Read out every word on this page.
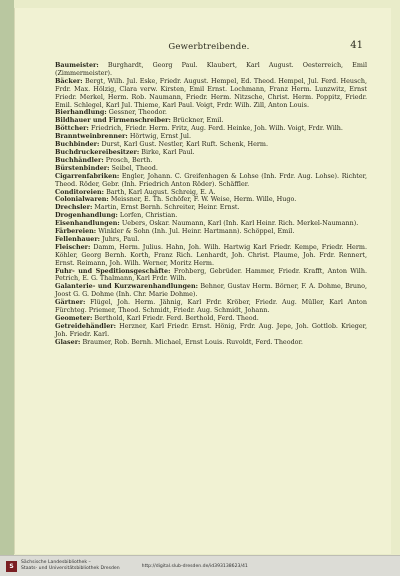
Gewerbtreibende.	41

Baumeister: Burghardt, Georg Paul. Klaubert, Karl August. Oesterreich, Emil (Zimmermeister).

Bäcker: Bergt, Wilh. Jul. Eske, Friedr. August. Hempel, Ed. Theod. Hempel, Jul. Ferd. Heusch, Frdr. Max. Hölzig, Clara verw. Kirsten, Emil Ernst. Lochmann, Franz Herm. Lunzwitz, Ernst Friedr. Merkel, Herm. Rob. Naumann, Friedr. Herm. Nitzsche, Christ. Herm. Poppitz, Friedr. Emil. Schlegel, Karl Jul. Thieme, Karl Paul. Voigt, Frdr. Wilh. Zill, Anton Louis.

Bierhandlung: Gessner, Theodor.

Bildhauer und Firmenschreiber: Brückner, Emil.

Böttcher: Friedrich, Friedr. Herm. Fritz, Aug. Ferd. Heinke, Joh. Wilh. Voigt, Frdr. Wilh.

Branntweinbrenner: Hörtwig, Ernst Jul.

Buchbinder: Durst, Karl Gust. Nestler, Karl Ruft. Schenk, Herm.

Buchdruckereibesitzer: Birke, Karl Paul.

Buchhändler: Prosch, Berth.

Bürstenbinder: Seibel, Theod.

Cigarrenfabriken: Engler, Johann. C. Greifenhagen & Lohse (Inh. Frdr. Aug. Lohse). Richter, Theod. Röder, Gebr. (Inh. Friedrich Anton Röder). Schäffler.

Conditoreien: Barth, Karl August. Schreig, E. A.

Colonialwaren: Meissner, E. Th. Schöfer, F. W. Weise, Herm. Wille, Hugo.

Drechsler: Martin, Ernst Bernh. Schreiter, Heinr. Ernst.

Drogenhandlung: Lorfen, Christian.

Eisenhandlungen: Uebers, Oskar. Naumann, Karl (Inh. Karl Heinr. Rich. Merkel-Naumann).

Färbereien: Winkler & Sohn (Inh. Jul. Heinr. Hartmann). Schöppel, Emil.

Fellenhauer: Juhrs, Paul.

Fleischer: Damm, Herm. Julius. Hahn, Joh. Wilh. Hartwig Karl Friedr. Kempe, Friedr. Herm. Köhler, Georg Bernh. Korth, Franz Rich. Lenhardt, Joh. Christ. Plaume, Joh. Frdr. Rennert, Ernst. Reimann, Joh. Wilh. Werner, Moritz Herm.

Fuhr- und Speditionsgeschäfte: Frohberg, Gebrüder. Hammer, Friedr. Krafft, Anton Wilh. Petrich, E. G. Thalmann, Karl Frdr. Wilh.

Galanterie- und Kurzwarenhandlungen: Behner, Gustav Herm. Börner, F. A. Dohme, Bruno, Joost G. G. Dohme (Inh. Chr. Marie Dohme).

Gärtner: Flügel, Joh. Herm. Jähnig, Karl Frdr. Kröber, Friedr. Aug. Müller, Karl Anton Fürchteg. Priemer, Theod. Schmidt, Friedr. Aug. Schmidt, Johann.

Geometer: Berthold, Karl Friedr. Ferd. Berthold, Ferd. Theod.

Getreidehändler: Herzner, Karl Friedr. Ernst. Hönig, Frdr. Aug. Jepe, Joh. Gottlob. Krieger, Joh. Friedr. Karl.

Glaser: Braumer, Rob. Bernh. Michael, Ernst Louis. Ruvoldt, Ferd. Theodor.

S	Sächsische Landesbibliothek –
Staats- und Universitätsbibliothek Dresden	http://digital.slub-dresden.de/id393138623/41
